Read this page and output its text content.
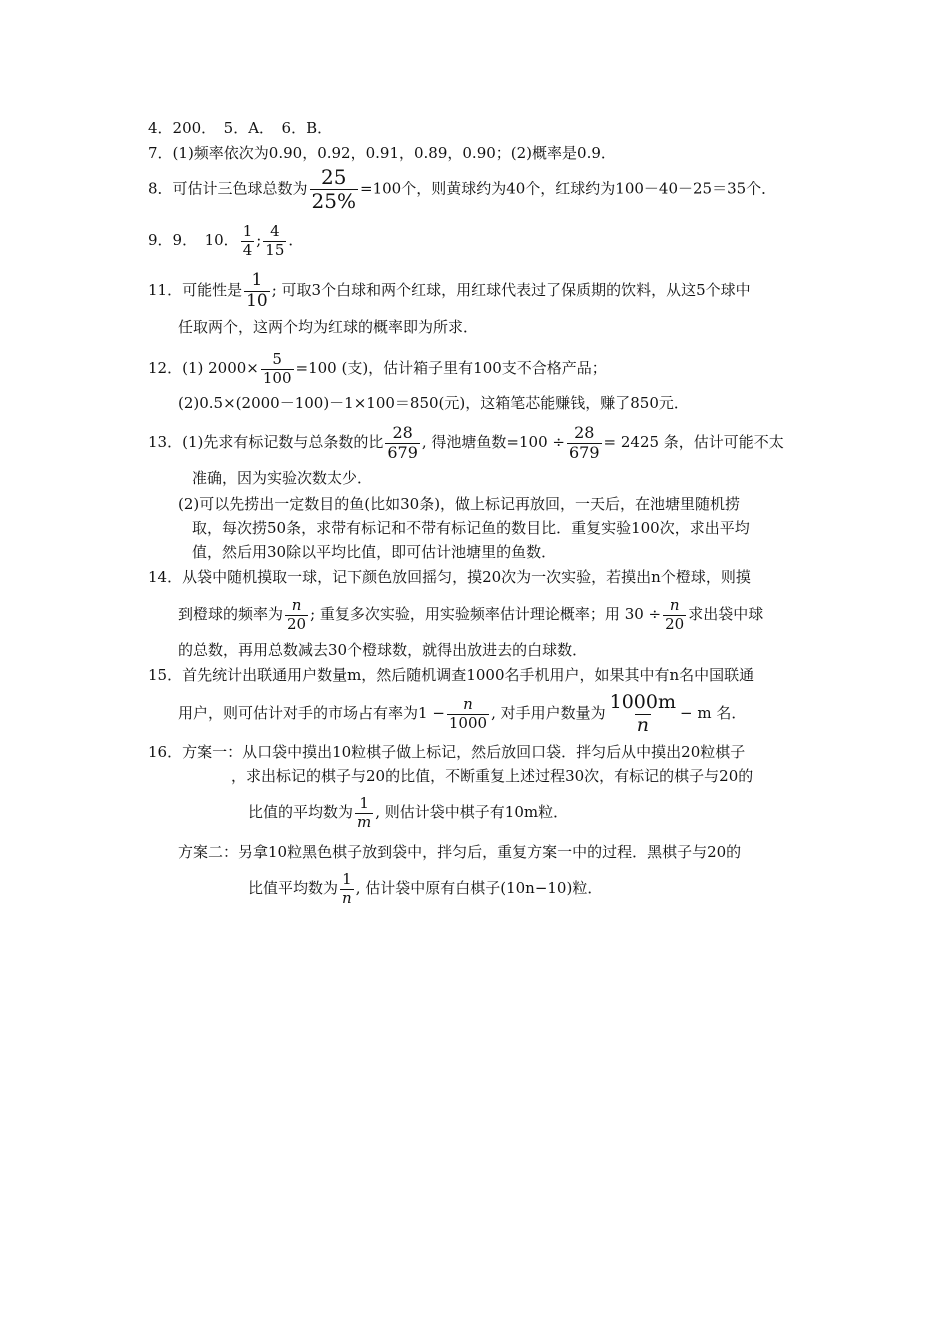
4．200．　5．A．　6．B．
7．(1)频率依次为0.90，0.92，0.91，0.89，0.90；(2)概率是0.9．
8．可估计三色球总数为 $\frac{25}{25\%} =100$个，则黄球约为40个，红球约为100－40－25＝35个．
9．9．　10． $\frac{1}{4}$ ; $\frac{4}{15}$ ．
11．可能性是 $\frac{1}{10}$ ; 可取3个白球和两个红球，用红球代表过了保质期的饮料，从这5个球中
任取两个，这两个均为红球的概率即为所求．
12．(1) $2000\times \frac{5}{100} =100$ (支)，估计箱子里有100支不合格产品；
(2)0.5×(2000－100)－1×100＝850(元)，这箱笔芯能赚钱，赚了850元．
13．(1)先求有标记数与总条数的比 $\frac{28}{679}$ , 得池塘鱼数$=100 \div \frac{28}{679} = 2425$ 条，估计可能不太
准确，因为实验次数太少．
(2)可以先捞出一定数目的鱼(比如30条)，做上标记再放回，一天后，在池塘里随机捞
取，每次捞50条，求带有标记和不带有标记鱼的数目比．重复实验100次，求出平均
值，然后用30除以平均比值，即可估计池塘里的鱼数．
14．从袋中随机摸取一球，记下颜色放回摇匀，摸20次为一次实验，若摸出n个橙球，则摸
到橙球的频率为 $\frac{n}{20}$ ; 重复多次实验，用实验频率估计理论概率；用 $30 \div \frac{n}{20}$ 求出袋中球
的总数，再用总数减去30个橙球数，就得出放进去的白球数．
15．首先统计出联通用户数量m，然后随机调查1000名手机用户，如果其中有n名中国联通
用户，则可估计对手的市场占有率为$1 - \frac{n}{1000}$ , 对手用户数量为 $\frac{1000m}{n} - m$ 名．
16．方案一：从口袋中摸出10粒棋子做上标记，然后放回口袋．拌匀后从中摸出20粒棋子
，求出标记的棋子与20的比值，不断重复上述过程30次，有标记的棋子与20的
比值的平均数为 $\frac{1}{m}$ , 则估计袋中棋子有10m粒．
方案二：另拿10粒黑色棋子放到袋中，拌匀后，重复方案一中的过程．黑棋子与20的
比值平均数为 $\frac{1}{n}$ , 估计袋中原有白棋子(10n−10)粒．
